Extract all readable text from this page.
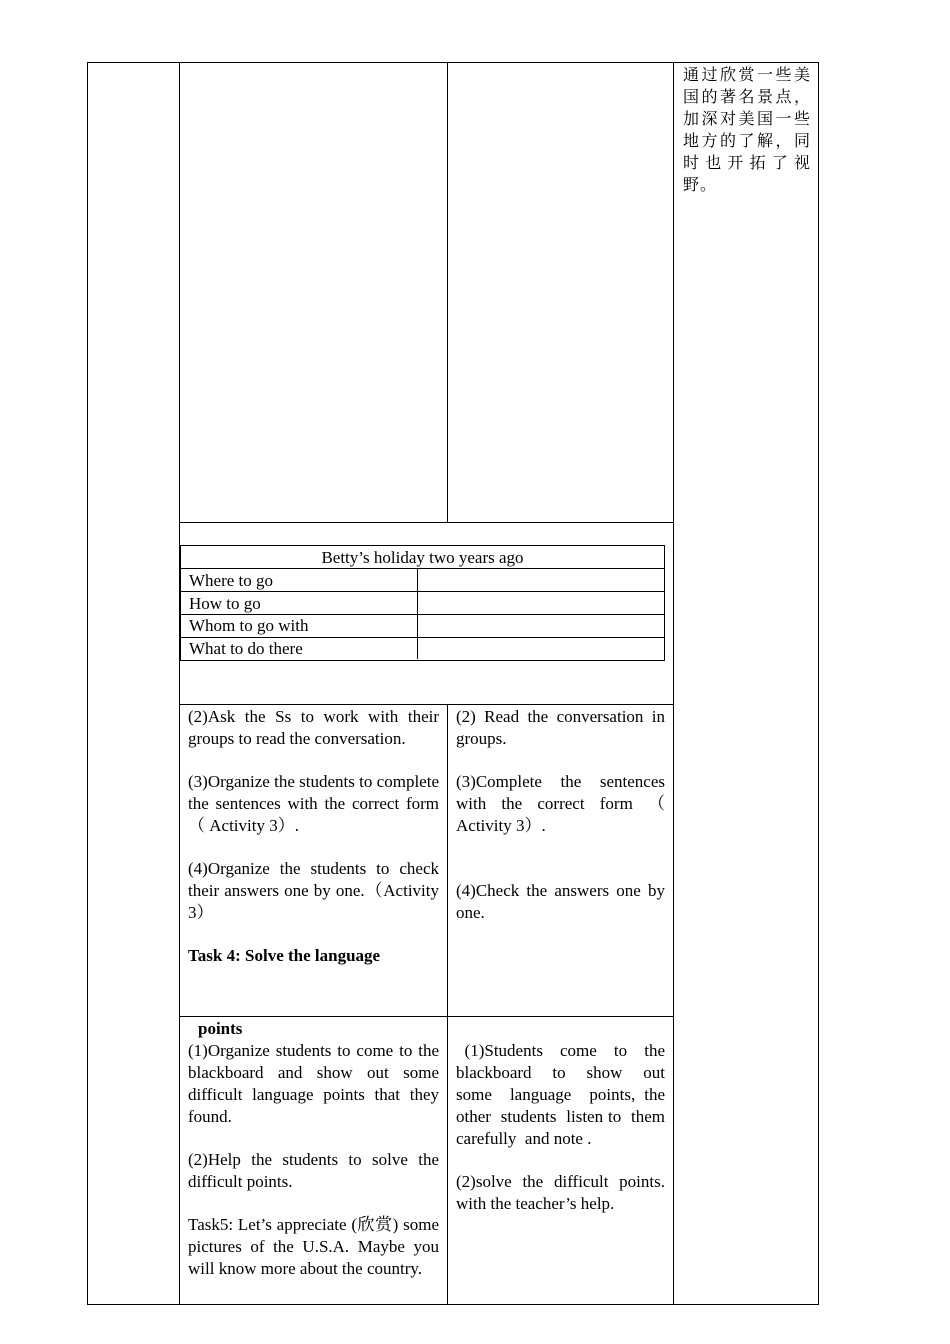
通过欣赏一些美国的著名景点，加深对美国一些地方的了解，同时也开拓了视野。
Betty’s holiday two years ago
Where to go
How to go
Whom to go with
What to do there

(2)Ask the Ss to work with their groups to read the conversation.

(3)Organize the students to complete the sentences with the correct form （ Activity 3）.

(4)Organize the students to check their answers one by one.（Activity 3）

Task 4: Solve the language

(2) Read the conversation in groups.

(3)Complete the sentences with the correct form （ Activity 3）.

(4)Check the answers one by one.

points

(1)Organize students to come to the blackboard and show out some difficult language points that they found.

(2)Help the students to solve the difficult points.

Task5: Let’s appreciate (欣赏) some pictures of the U.S.A. Maybe you will know more about the country.

(1)Students  come  to  the blackboard  to  show  out some  language  points, the  other  students  listen to  them  carefully  and note .

(2)solve the difficult points. with the teacher’s help.
